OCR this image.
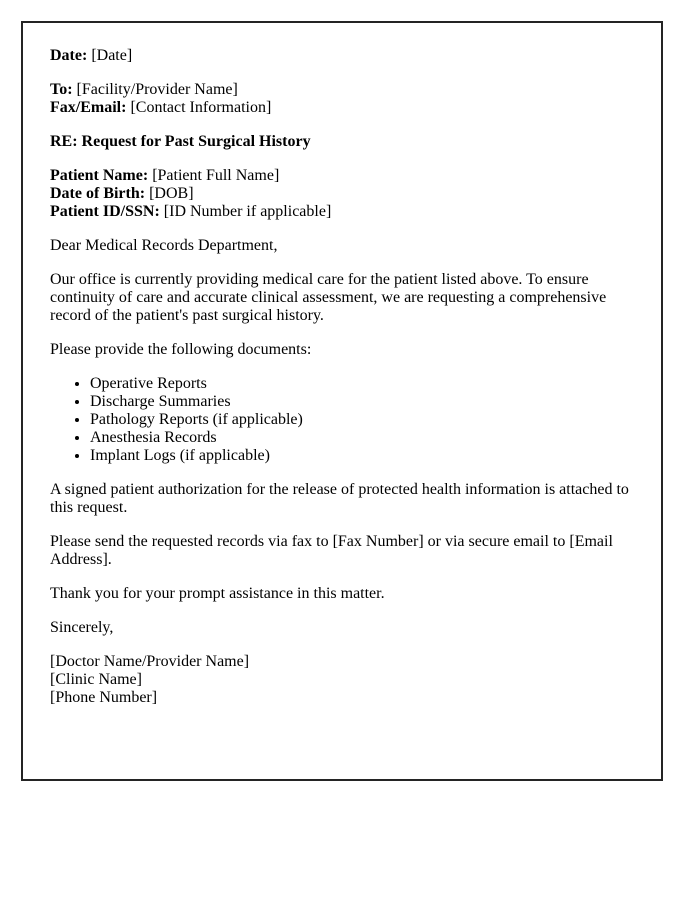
Date: [Date]

To: [Facility/Provider Name]
Fax/Email: [Contact Information]

RE: Request for Past Surgical History

Patient Name: [Patient Full Name]
Date of Birth: [DOB]
Patient ID/SSN: [ID Number if applicable]

Dear Medical Records Department,

Our office is currently providing medical care for the patient listed above. To ensure continuity of care and accurate clinical assessment, we are requesting a comprehensive record of the patient's past surgical history.

Please provide the following documents:

• Operative Reports
• Discharge Summaries
• Pathology Reports (if applicable)
• Anesthesia Records
• Implant Logs (if applicable)

A signed patient authorization for the release of protected health information is attached to this request.

Please send the requested records via fax to [Fax Number] or via secure email to [Email Address].

Thank you for your prompt assistance in this matter.

Sincerely,

[Doctor Name/Provider Name]
[Clinic Name]
[Phone Number]
